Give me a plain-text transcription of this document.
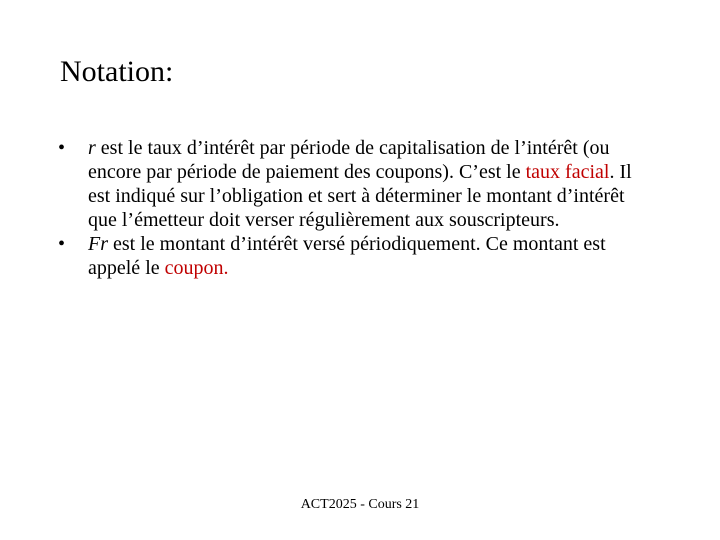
Notation:
• r est le taux d’intérêt par période de capitalisation de l’intérêt (ou encore par période de paiement des coupons). C’est le taux facial. Il est indiqué sur l’obligation et sert à déterminer le montant d’intérêt que l’émetteur doit verser régulièrement aux souscripteurs.
• Fr est le montant d’intérêt versé périodiquement. Ce montant est appelé le coupon.
ACT2025 - Cours 21
